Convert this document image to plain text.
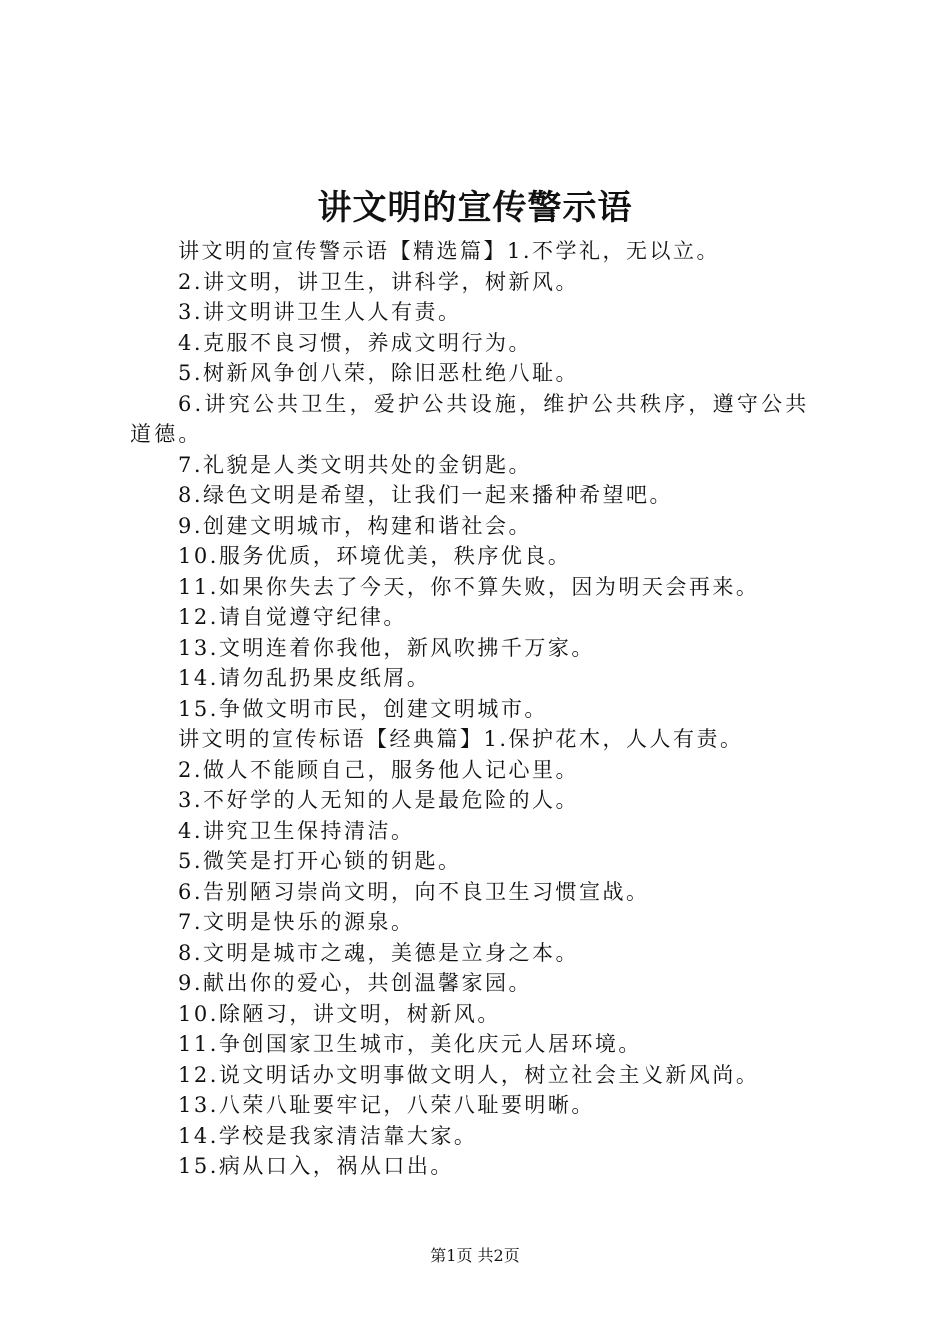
讲文明的宣传警示语

讲文明的宣传警示语【精选篇】1.不学礼，无以立。

2.讲文明，讲卫生，讲科学，树新风。

3.讲文明讲卫生人人有责。

4.克服不良习惯，养成文明行为。

5.树新风争创八荣，除旧恶杜绝八耻。

6.讲究公共卫生，爱护公共设施，维护公共秩序，遵守公共道德。

7.礼貌是人类文明共处的金钥匙。

8.绿色文明是希望，让我们一起来播种希望吧。

9.创建文明城市，构建和谐社会。

10.服务优质，环境优美，秩序优良。

11.如果你失去了今天，你不算失败，因为明天会再来。

12.请自觉遵守纪律。

13.文明连着你我他，新风吹拂千万家。

14.请勿乱扔果皮纸屑。

15.争做文明市民，创建文明城市。

讲文明的宣传标语【经典篇】1.保护花木，人人有责。

2.做人不能顾自己，服务他人记心里。

3.不好学的人无知的人是最危险的人。

4.讲究卫生保持清洁。

5.微笑是打开心锁的钥匙。

6.告别陋习崇尚文明，向不良卫生习惯宣战。

7.文明是快乐的源泉。

8.文明是城市之魂，美德是立身之本。

9.献出你的爱心，共创温馨家园。

10.除陋习，讲文明，树新风。

11.争创国家卫生城市，美化庆元人居环境。

12.说文明话办文明事做文明人，树立社会主义新风尚。

13.八荣八耻要牢记，八荣八耻要明晰。

14.学校是我家清洁靠大家。

15.病从口入，祸从口出。

第1页 共2页
